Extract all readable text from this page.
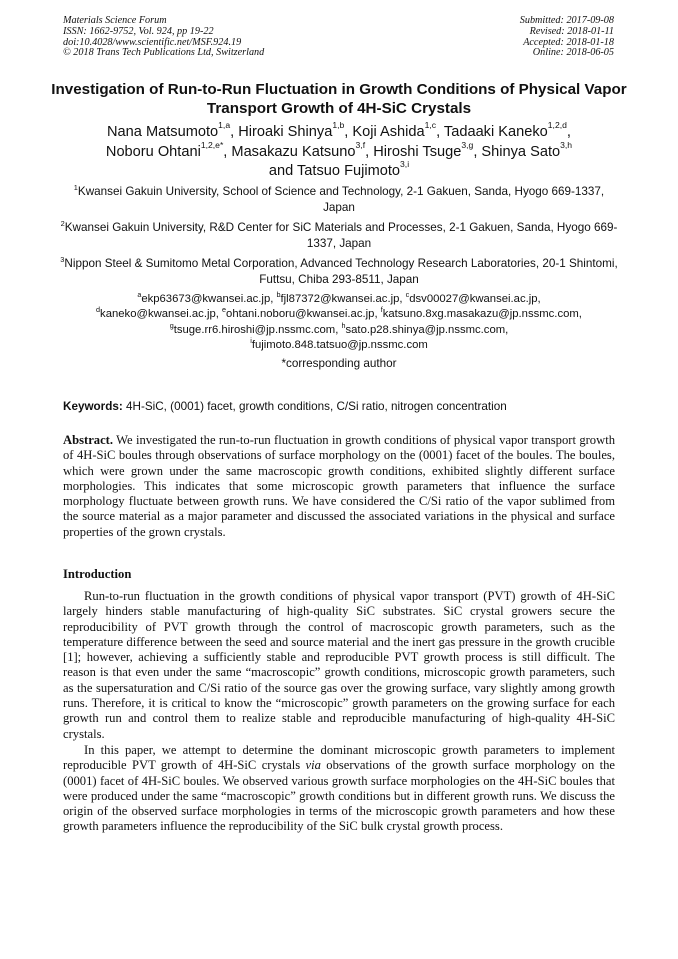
Materials Science Forum
ISSN: 1662-9752, Vol. 924, pp 19-22
doi:10.4028/www.scientific.net/MSF.924.19
© 2018 Trans Tech Publications Ltd, Switzerland
Submitted: 2017-09-08
Revised: 2018-01-11
Accepted: 2018-01-18
Online: 2018-06-05
Investigation of Run-to-Run Fluctuation in Growth Conditions of Physical Vapor Transport Growth of 4H-SiC Crystals
Nana Matsumoto$^{1,a}$, Hiroaki Shinya$^{1,b}$, Koji Ashida$^{1,c}$, Tadaaki Kaneko$^{1,2,d}$,
Noboru Ohtani$^{1,2,e*}$, Masakazu Katsuno$^{3,f}$, Hiroshi Tsuge$^{3,g}$, Shinya Sato$^{3,h}$
and Tatsuo Fujimoto$^{3,i}$
$^1$Kwansei Gakuin University, School of Science and Technology, 2-1 Gakuen, Sanda, Hyogo 669-1337, Japan
$^2$Kwansei Gakuin University, R&D Center for SiC Materials and Processes, 2-1 Gakuen, Sanda, Hyogo 669-1337, Japan
$^3$Nippon Steel & Sumitomo Metal Corporation, Advanced Technology Research Laboratories, 20-1 Shintomi, Futtsu, Chiba 293-8511, Japan
$^a$ekp63673@kwansei.ac.jp, $^b$fjl87372@kwansei.ac.jp, $^c$dsv00027@kwansei.ac.jp,
$^d$kaneko@kwansei.ac.jp, $^e$ohtani.noboru@kwansei.ac.jp, $^f$katsuno.8xg.masakazu@jp.nssmc.com,
$^g$tsuge.rr6.hiroshi@jp.nssmc.com, $^h$sato.p28.shinya@jp.nssmc.com,
$^i$fujimoto.848.tatsuo@jp.nssmc.com
*corresponding author
Keywords: 4H-SiC, (0001) facet, growth conditions, C/Si ratio, nitrogen concentration
Abstract. We investigated the run-to-run fluctuation in growth conditions of physical vapor transport growth of 4H-SiC boules through observations of surface morphology on the (0001) facet of the boules. The boules, which were grown under the same macroscopic growth conditions, exhibited slightly different surface morphologies. This indicates that some microscopic growth parameters that influence the surface morphology fluctuate between growth runs. We have considered the C/Si ratio of the vapor sublimed from the source material as a major parameter and discussed the associated variations in the physical and surface properties of the grown crystals.
Introduction
Run-to-run fluctuation in the growth conditions of physical vapor transport (PVT) growth of 4H-SiC largely hinders stable manufacturing of high-quality SiC substrates. SiC crystal growers secure the reproducibility of PVT growth through the control of macroscopic growth parameters, such as the temperature difference between the seed and source material and the inert gas pressure in the growth crucible [1]; however, achieving a sufficiently stable and reproducible PVT growth process is still difficult. The reason is that even under the same “macroscopic” growth conditions, microscopic growth parameters, such as the supersaturation and C/Si ratio of the source gas over the growing surface, vary slightly among growth runs. Therefore, it is critical to know the “microscopic” growth parameters on the growing surface for each growth run and control them to realize stable and reproducible manufacturing of high-quality 4H-SiC crystals.
In this paper, we attempt to determine the dominant microscopic growth parameters to implement reproducible PVT growth of 4H-SiC crystals via observations of the growth surface morphology on the (0001) facet of 4H-SiC boules. We observed various growth surface morphologies on the 4H-SiC boules that were produced under the same “macroscopic” growth conditions but in different growth runs. We discuss the origin of the observed surface morphologies in terms of the microscopic growth parameters and how these growth parameters influence the reproducibility of the SiC bulk crystal growth process.
